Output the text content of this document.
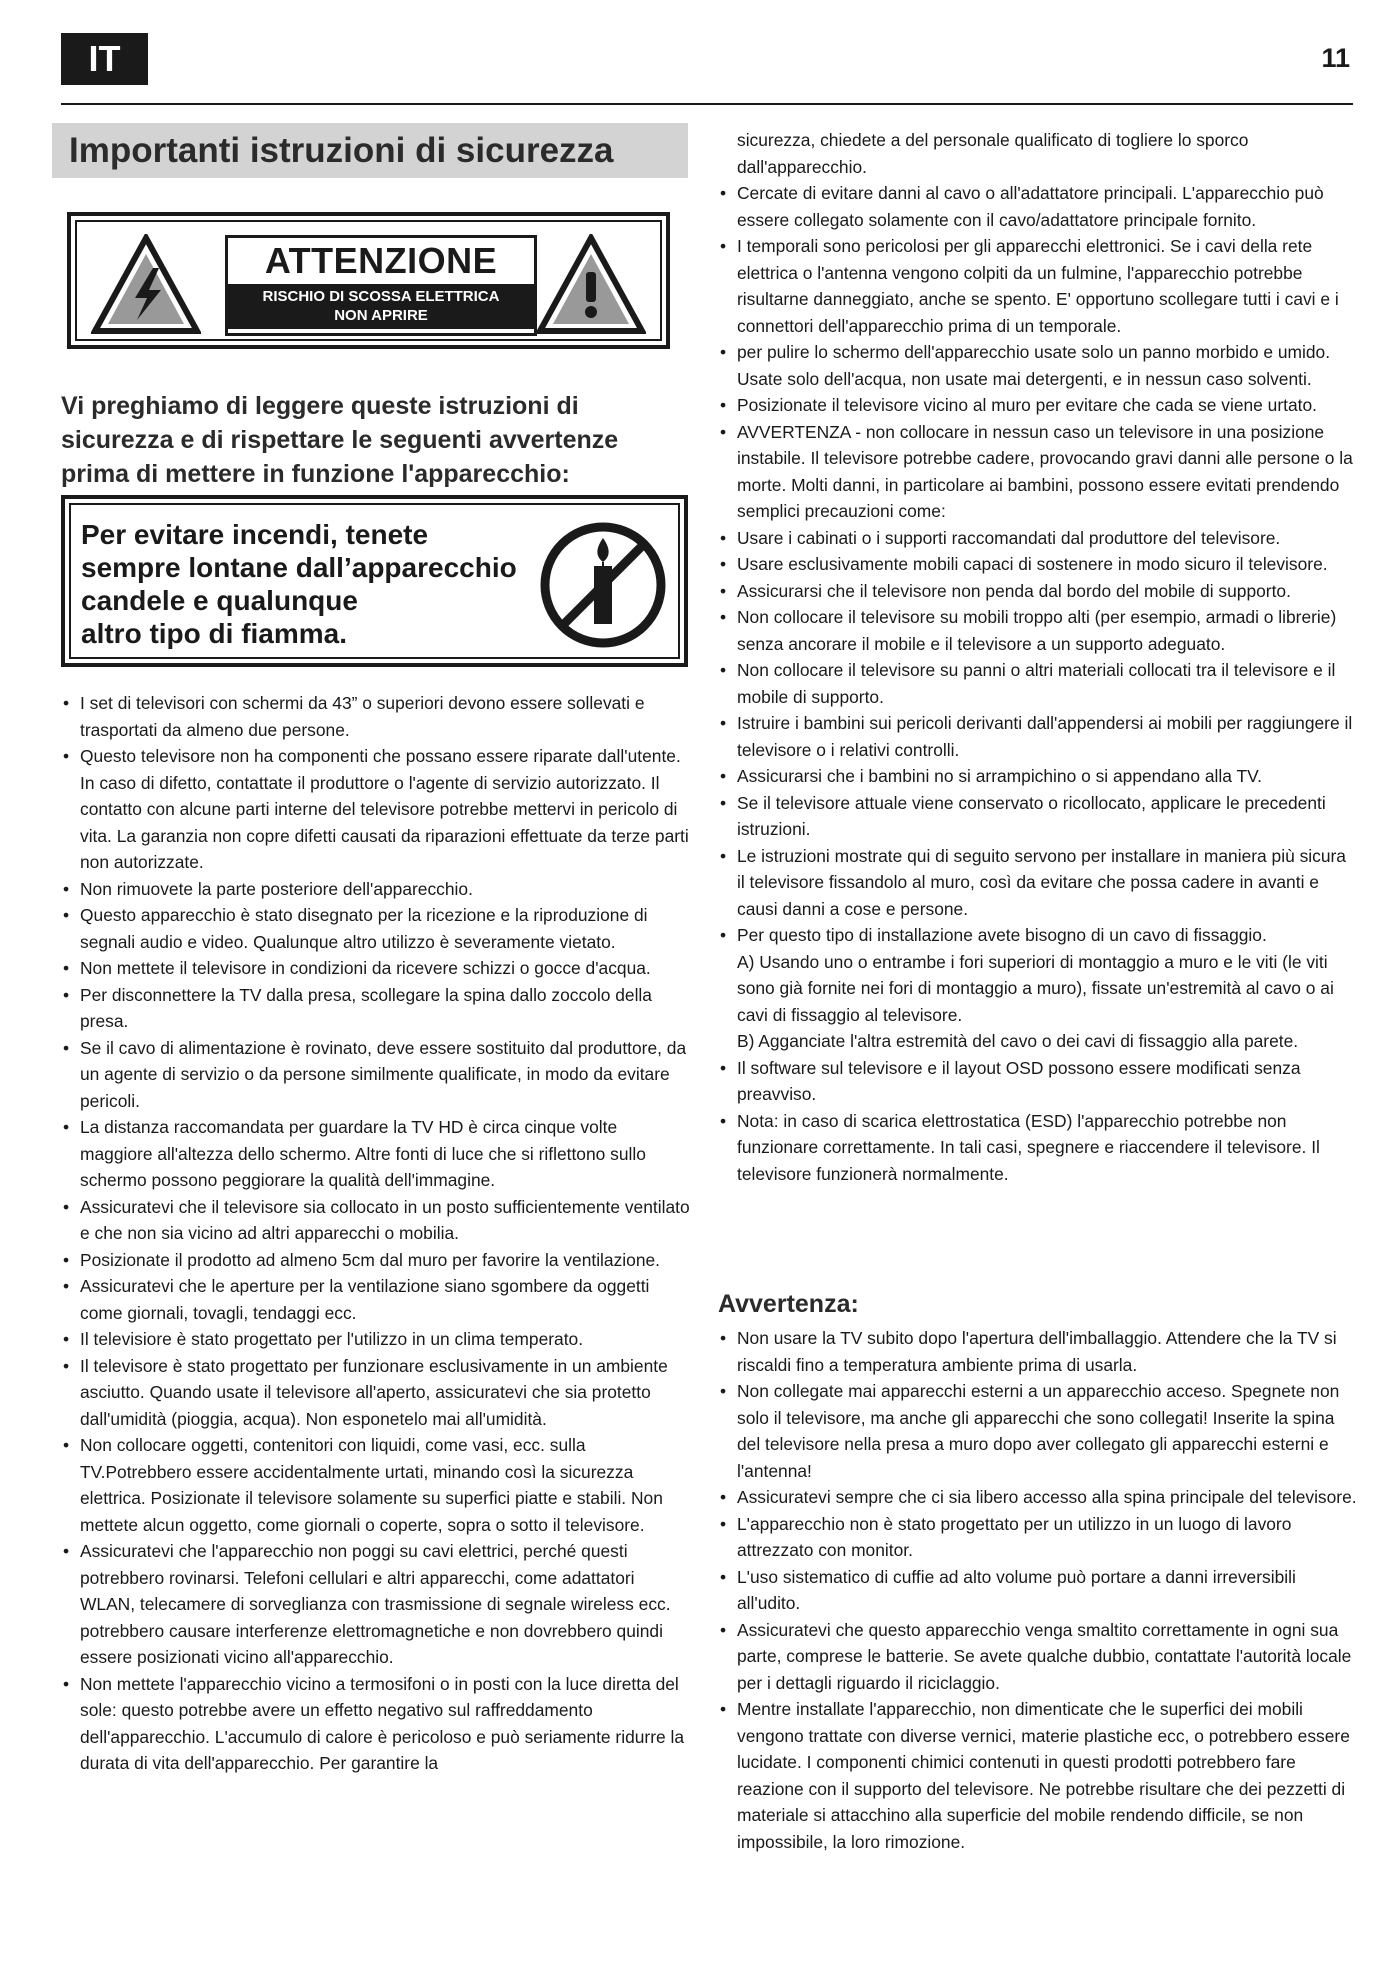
IT	11
Importanti istruzioni di sicurezza
ATTENZIONE
RISCHIO DI SCOSSA ELETTRICA
NON APRIRE

Vi preghiamo di leggere queste istruzioni di sicurezza e di rispettare le seguenti avvertenze prima di mettere in funzione l'apparecchio:

Per evitare incendi, tenete
sempre lontane dall’apparecchio
candele e qualunque
altro tipo di fiamma.
• I set di televisori con schermi da 43” o superiori devono essere sollevati e trasportati da almeno due persone.
• Questo televisore non ha componenti che possano essere riparate dall'utente. In caso di difetto, contattate il produttore o l'agente di servizio autorizzato. Il contatto con alcune parti interne del televisore potrebbe mettervi in pericolo di vita. La garanzia non copre difetti causati da riparazioni effettuate da terze parti non autorizzate.
• Non rimuovete la parte posteriore dell'apparecchio.
• Questo apparecchio è stato disegnato per la ricezione e la riproduzione di segnali audio e video. Qualunque altro utilizzo è severamente vietato.
• Non mettete il televisore in condizioni da ricevere schizzi o gocce d'acqua.
• Per disconnettere la TV dalla presa, scollegare la spina dallo zoccolo della presa.
• Se il cavo di alimentazione è rovinato, deve essere sostituito dal produttore, da un agente di servizio o da persone similmente qualificate, in modo da evitare pericoli.
• La distanza raccomandata per guardare la TV HD è circa cinque volte maggiore all'altezza dello schermo. Altre fonti di luce che si riflettono sullo schermo possono peggiorare la qualità dell'immagine.
• Assicuratevi che il televisore sia collocato in un posto sufficientemente ventilato e che non sia vicino ad altri apparecchi o mobilia.
• Posizionate il prodotto ad almeno 5cm dal muro per favorire la ventilazione.
• Assicuratevi che le aperture per la ventilazione siano sgombere da oggetti come giornali, tovagli, tendaggi ecc.
• Il televisiore è stato progettato per l'utilizzo in un clima temperato.
• Il televisore è stato progettato per funzionare esclusivamente in un ambiente asciutto. Quando usate il televisore all'aperto, assicuratevi che sia protetto dall'umidità (pioggia, acqua). Non esponetelo mai all'umidità.
• Non collocare oggetti, contenitori con liquidi, come vasi, ecc. sulla TV.Potrebbero essere accidentalmente urtati, minando così la sicurezza elettrica. Posizionate il televisore solamente su superfici piatte e stabili. Non mettete alcun oggetto, come giornali o coperte, sopra o sotto il televisore.
• Assicuratevi che l'apparecchio non poggi su cavi elettrici, perché questi potrebbero rovinarsi. Telefoni cellulari e altri apparecchi, come adattatori WLAN, telecamere di sorveglianza con trasmissione di segnale wireless ecc. potrebbero causare interferenze elettromagnetiche e non dovrebbero quindi essere posizionati vicino all'apparecchio.
• Non mettete l'apparecchio vicino a termosifoni o in posti con la luce diretta del sole: questo potrebbe avere un effetto negativo sul raffreddamento dell'apparecchio. L'accumulo di calore è pericoloso e può seriamente ridurre la durata di vita dell'apparecchio. Per garantire la
sicurezza, chiedete a del personale qualificato di togliere lo sporco dall'apparecchio.
• Cercate di evitare danni al cavo o all'adattatore principali. L'apparecchio può essere collegato solamente con il cavo/adattatore principale fornito.
• I temporali sono pericolosi per gli apparecchi elettronici. Se i cavi della rete elettrica o l'antenna vengono colpiti da un fulmine, l'apparecchio potrebbe risultarne danneggiato, anche se spento. E' opportuno scollegare tutti i cavi e i connettori dell'apparecchio prima di un temporale.
• per pulire lo schermo dell'apparecchio usate solo un panno morbido e umido. Usate solo dell'acqua, non usate mai detergenti, e in nessun caso solventi.
• Posizionate il televisore vicino al muro per evitare che cada se viene urtato.
• AVVERTENZA - non collocare in nessun caso un televisore in una posizione instabile. Il televisore potrebbe cadere, provocando gravi danni alle persone o la morte. Molti danni, in particolare ai bambini, possono essere evitati prendendo semplici precauzioni come:
• Usare i cabinati o i supporti raccomandati dal produttore del televisore.
• Usare esclusivamente mobili capaci di sostenere in modo sicuro il televisore.
• Assicurarsi che il televisore non penda dal bordo del mobile di supporto.
• Non collocare il televisore su mobili troppo alti (per esempio, armadi o librerie) senza ancorare il mobile e il televisore a un supporto adeguato.
• Non collocare il televisore su panni o altri materiali collocati tra il televisore e il mobile di supporto.
• Istruire i bambini sui pericoli derivanti dall'appendersi ai mobili per raggiungere il televisore o i relativi controlli.
• Assicurarsi che i bambini no si arrampichino o si appendano alla TV.
• Se il televisore attuale viene conservato o ricollocato, applicare le precedenti istruzioni.
• Le istruzioni mostrate qui di seguito servono per installare in maniera più sicura il televisore fissandolo al muro, così da evitare che possa cadere in avanti e causi danni a cose e persone.
• Per questo tipo di installazione avete bisogno di un cavo di fissaggio.
A) Usando uno o entrambe i fori superiori di montaggio a muro e le viti (le viti sono già fornite nei fori di montaggio a muro), fissate un'estremità al cavo o ai cavi di fissaggio al televisore.
B) Agganciate l'altra estremità del cavo o dei cavi di fissaggio alla parete.
• Il software sul televisore e il layout OSD possono essere modificati senza preavviso.
• Nota: in caso di scarica elettrostatica (ESD) l'apparecchio potrebbe non funzionare correttamente. In tali casi, spegnere e riaccendere il televisore. Il televisore funzionerà normalmente.
Avvertenza:
• Non usare la TV subito dopo l'apertura dell'imballaggio. Attendere che la TV si riscaldi fino a temperatura ambiente prima di usarla.
• Non collegate mai apparecchi esterni a un apparecchio acceso. Spegnete non solo il televisore, ma anche gli apparecchi che sono collegati! Inserite la spina del televisore nella presa a muro dopo aver collegato gli apparecchi esterni e l'antenna!
• Assicuratevi sempre che ci sia libero accesso alla spina principale del televisore.
• L'apparecchio non è stato progettato per un utilizzo in un luogo di lavoro attrezzato con monitor.
• L'uso sistematico di cuffie ad alto volume può portare a danni irreversibili all'udito.
• Assicuratevi che questo apparecchio venga smaltito correttamente in ogni sua parte, comprese le batterie. Se avete qualche dubbio, contattate l'autorità locale per i dettagli riguardo il riciclaggio.
• Mentre installate l'apparecchio, non dimenticate che le superfici dei mobili vengono trattate con diverse vernici, materie plastiche ecc, o potrebbero essere lucidate. I componenti chimici contenuti in questi prodotti potrebbero fare reazione con il supporto del televisore. Ne potrebbe risultare che dei pezzetti di materiale si attacchino alla superficie del mobile rendendo difficile, se non impossibile, la loro rimozione.
